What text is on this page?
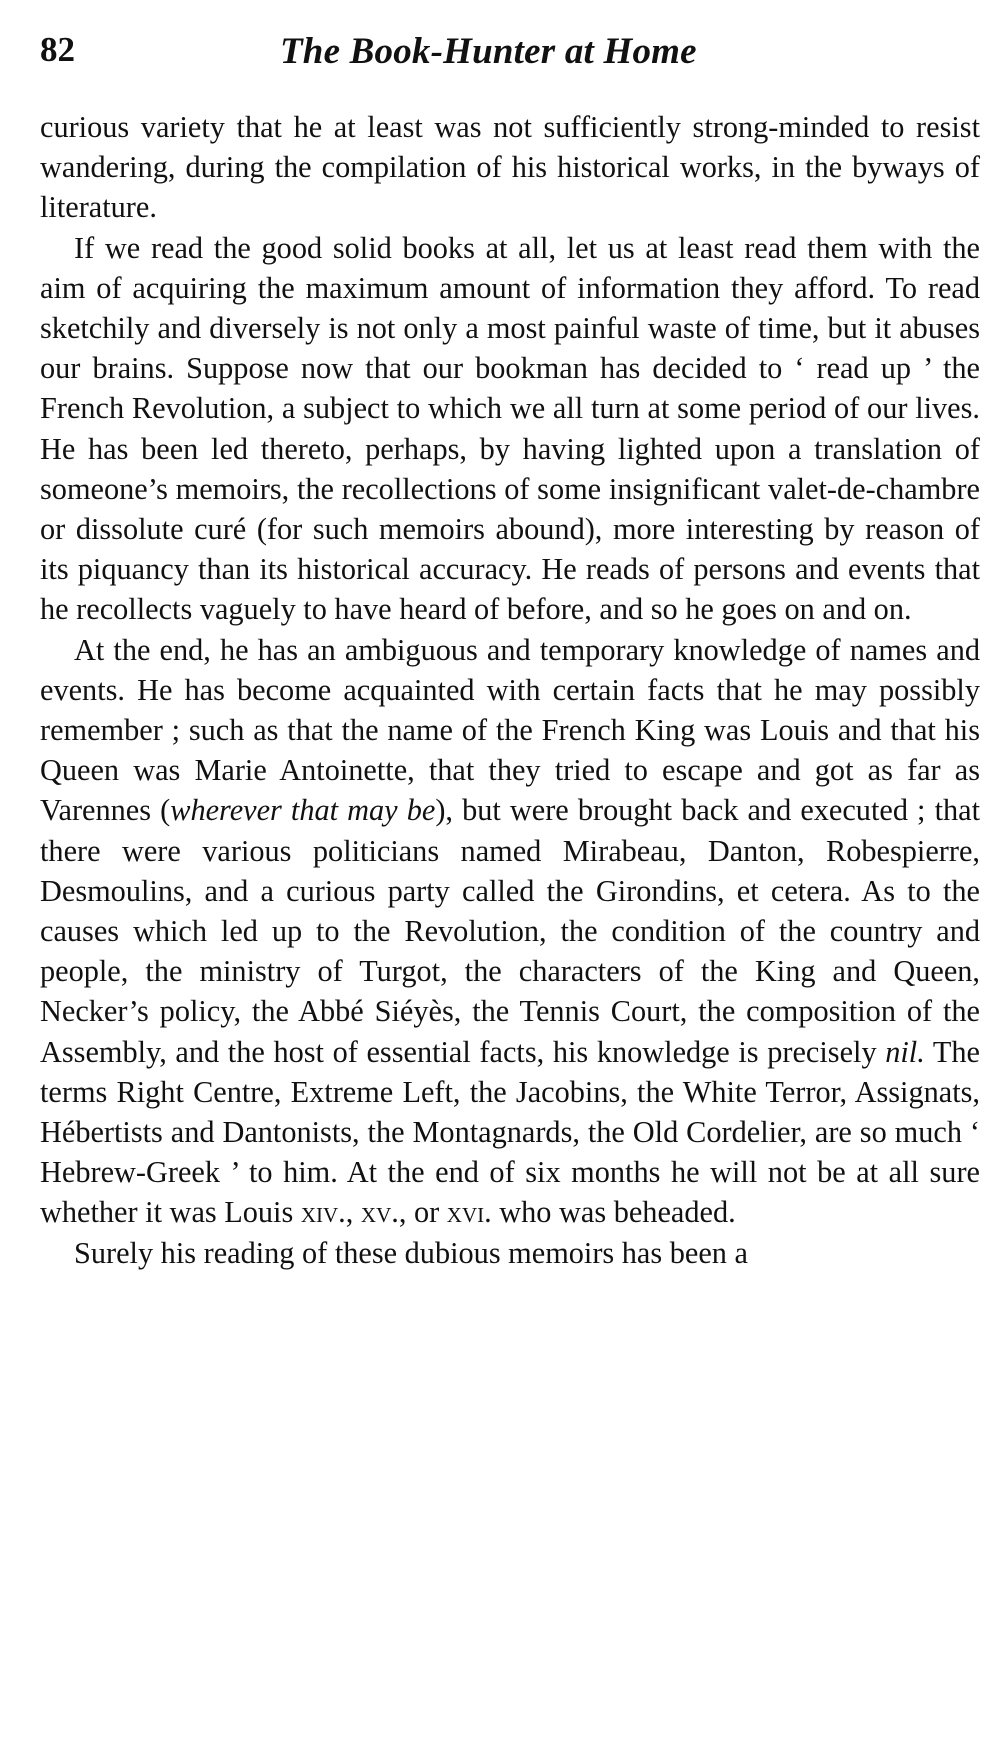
82	The Book-Hunter at Home

curious variety that he at least was not sufficiently strong-minded to resist wandering, during the compilation of his historical works, in the byways of literature.

If we read the good solid books at all, let us at least read them with the aim of acquiring the maximum amount of information they afford. To read sketchily and diversely is not only a most painful waste of time, but it abuses our brains. Suppose now that our bookman has decided to ‘ read up ’ the French Revolution, a subject to which we all turn at some period of our lives. He has been led thereto, perhaps, by having lighted upon a translation of someone’s memoirs, the recollections of some insignificant valet-de-chambre or dissolute curé (for such memoirs abound), more interesting by reason of its piquancy than its historical accuracy. He reads of persons and events that he recollects vaguely to have heard of before, and so he goes on and on.

At the end, he has an ambiguous and temporary knowledge of names and events. He has become acquainted with certain facts that he may possibly remember ; such as that the name of the French King was Louis and that his Queen was Marie Antoinette, that they tried to escape and got as far as Varennes (wherever that may be), but were brought back and executed ; that there were various politicians named Mirabeau, Danton, Robespierre, Desmoulins, and a curious party called the Girondins, et cetera. As to the causes which led up to the Revolution, the condition of the country and people, the ministry of Turgot, the characters of the King and Queen, Necker’s policy, the Abbé Siéyès, the Tennis Court, the composition of the Assembly, and the host of essential facts, his knowledge is precisely nil. The terms Right Centre, Extreme Left, the Jacobins, the White Terror, Assignats, Hébertists and Dantonists, the Montagnards, the Old Cordelier, are so much ‘ Hebrew-Greek ’ to him. At the end of six months he will not be at all sure whether it was Louis xiv., xv., or xvi. who was beheaded.

Surely his reading of these dubious memoirs has been a
